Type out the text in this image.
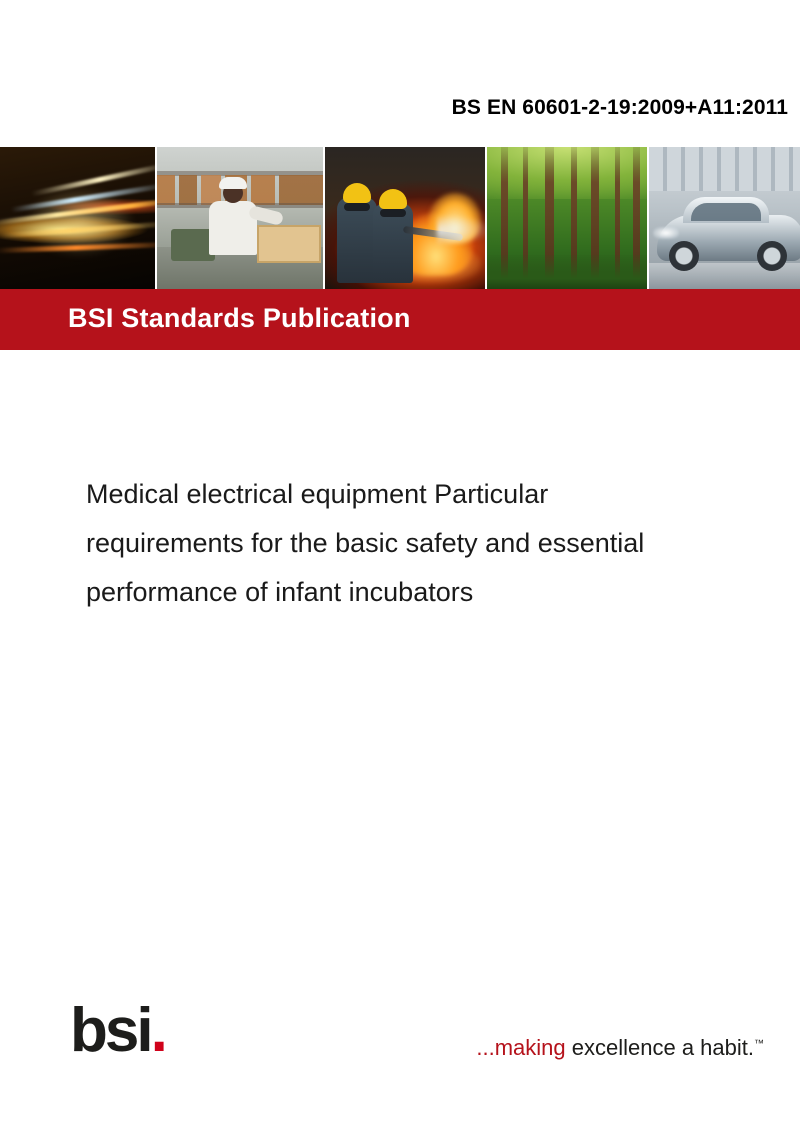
BS EN 60601-2-19:2009+A11:2011
BSI Standards Publication
Medical electrical equipment Particular requirements for the basic safety and essential performance of infant incubators
bsi.	...making excellence a habit.™
